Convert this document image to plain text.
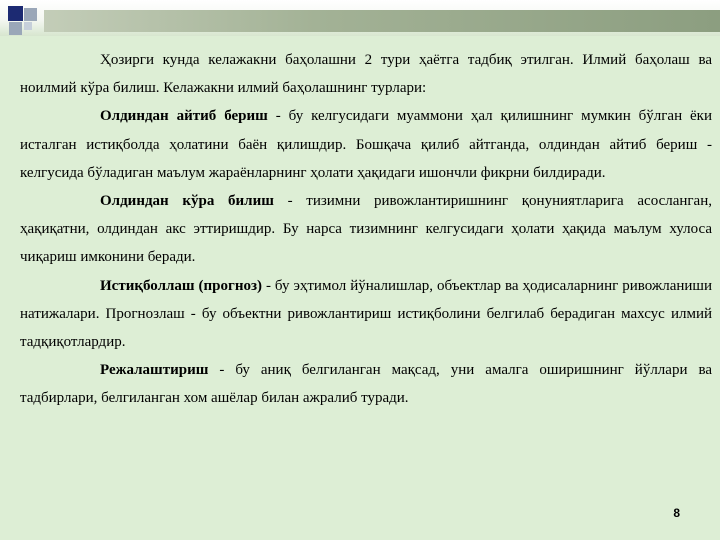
Ҳозирги кунда келажакни баҳолашни 2 тури ҳаётга тадбиқ этилган. Илмий баҳолаш ва ноилмий кўра билиш. Келажакни илмий баҳолашнинг турлари:

Олдиндан айтиб бериш - бу келгусидаги муаммони ҳал қилишнинг мумкин бўлган ёки исталган истиқболда ҳолатини баён қилишдир. Бошқача қилиб айтганда, олдиндан айтиб бериш - келгусида бўладиган маълум жараёнларнинг ҳолати ҳақидаги ишончли фикрни билдиради.

Олдиндан кўра билиш - тизимни ривожлантиришнинг қонуниятларига асосланган, ҳақиқатни, олдиндан акс эттиришдир. Бу нарса тизимнинг келгусидаги ҳолати ҳақида маълум хулоса чиқариш имконини беради.

Истиқболлаш (прогноз) - бу эҳтимол йўналишлар, объектлар ва ҳодисаларнинг ривожланиши натижалари. Прогнозлаш - бу объектни ривожлантириш истиқболини белгилаб берадиган махсус илмий тадқиқотлардир.

Режалаштириш - бу аниқ белгиланган мақсад, уни амалга оширишнинг йўллари ва тадбирлари, белгиланган хом ашёлар билан ажралиб туради.

8
